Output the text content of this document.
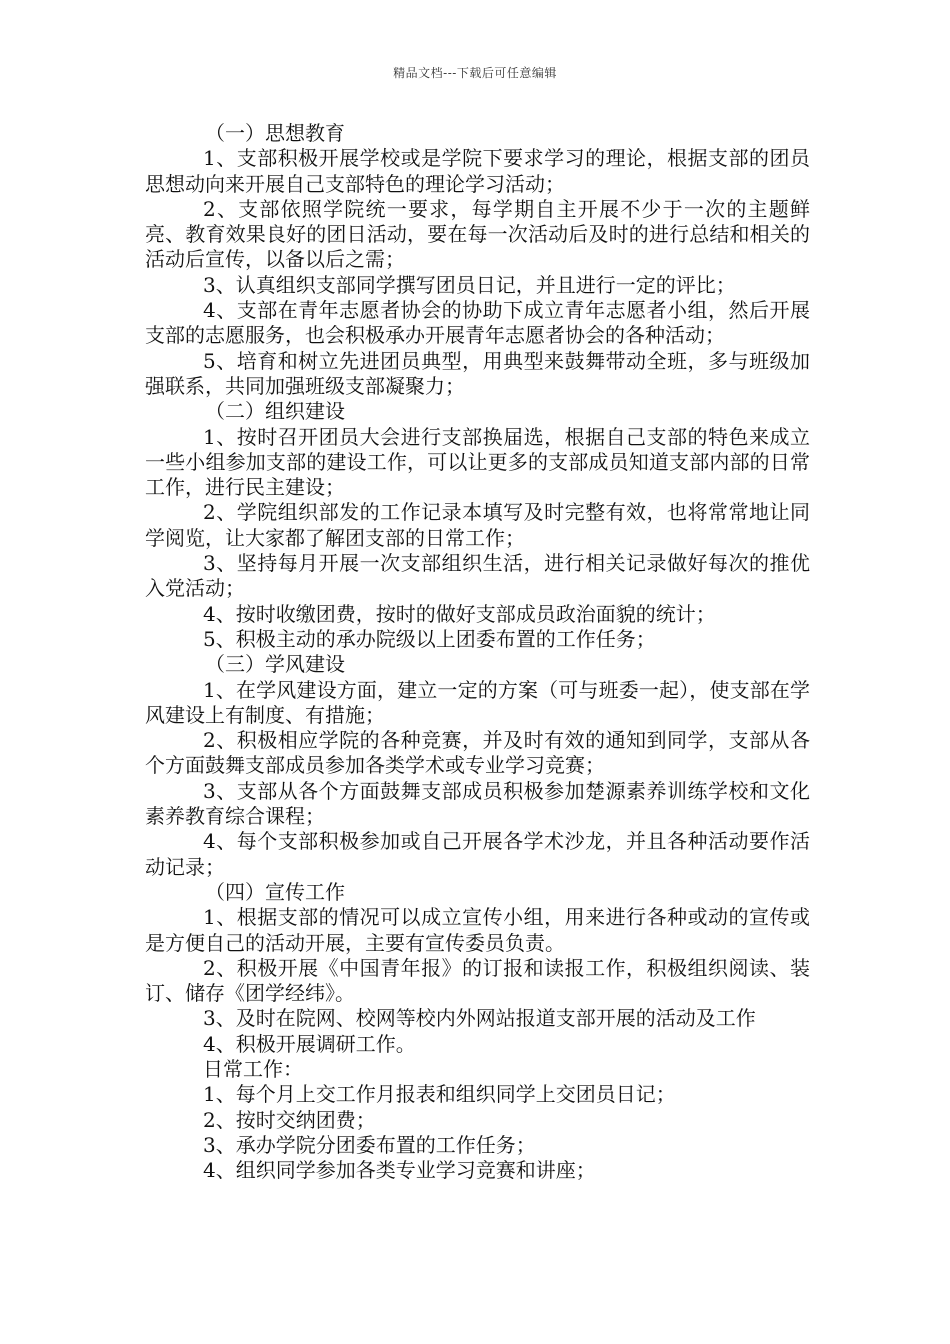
精品文档---下载后可任意编辑

（一）思想教育

1、支部积极开展学校或是学院下要求学习的理论，根据支部的团员思想动向来开展自己支部特色的理论学习活动；

2、支部依照学院统一要求，每学期自主开展不少于一次的主题鲜亮、教育效果良好的团日活动，要在每一次活动后及时的进行总结和相关的活动后宣传，以备以后之需；

3、认真组织支部同学撰写团员日记，并且进行一定的评比；

4、支部在青年志愿者协会的协助下成立青年志愿者小组，然后开展支部的志愿服务，也会积极承办开展青年志愿者协会的各种活动；

5、培育和树立先进团员典型，用典型来鼓舞带动全班，多与班级加强联系，共同加强班级支部凝聚力；

（二）组织建设

1、按时召开团员大会进行支部换届选，根据自己支部的特色来成立一些小组参加支部的建设工作，可以让更多的支部成员知道支部内部的日常工作，进行民主建设；

2、学院组织部发的工作记录本填写及时完整有效，也将常常地让同学阅览，让大家都了解团支部的日常工作；

3、坚持每月开展一次支部组织生活，进行相关记录做好每次的推优入党活动；

4、按时收缴团费，按时的做好支部成员政治面貌的统计；

5、积极主动的承办院级以上团委布置的工作任务；

（三）学风建设

1、在学风建设方面，建立一定的方案（可与班委一起），使支部在学风建设上有制度、有措施；

2、积极相应学院的各种竞赛，并及时有效的通知到同学，支部从各个方面鼓舞支部成员参加各类学术或专业学习竞赛；

3、支部从各个方面鼓舞支部成员积极参加楚源素养训练学校和文化素养教育综合课程；

4、每个支部积极参加或自己开展各学术沙龙，并且各种活动要作活动记录；

（四）宣传工作

1、根据支部的情况可以成立宣传小组，用来进行各种或动的宣传或是方便自己的活动开展，主要有宣传委员负责。

2、积极开展《中国青年报》的订报和读报工作，积极组织阅读、装订、储存《团学经纬》。

3、及时在院网、校网等校内外网站报道支部开展的活动及工作

4、积极开展调研工作。

日常工作：

1、每个月上交工作月报表和组织同学上交团员日记；

2、按时交纳团费；

3、承办学院分团委布置的工作任务；

4、组织同学参加各类专业学习竞赛和讲座；
